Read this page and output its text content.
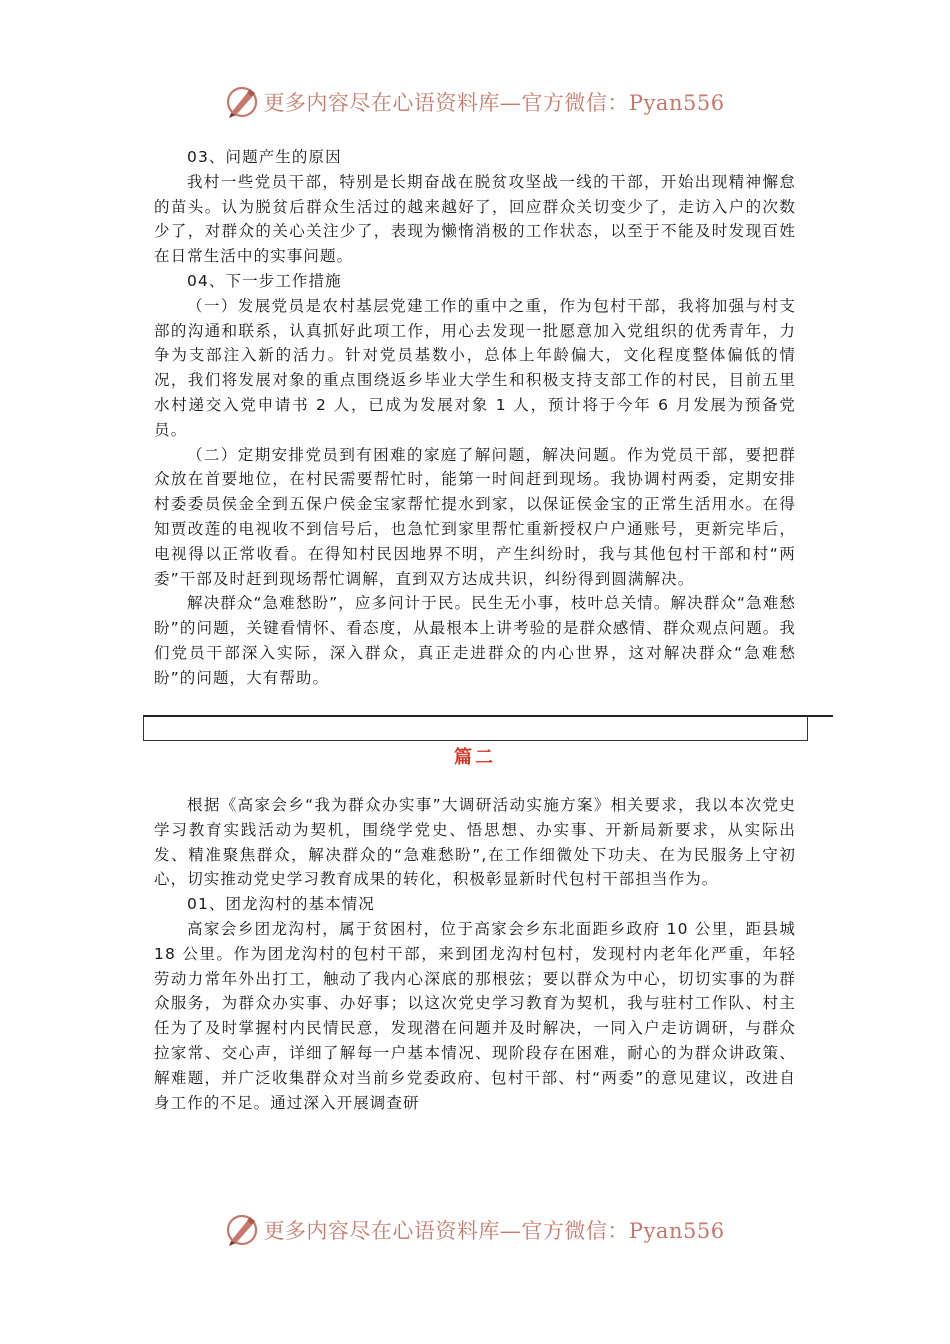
更多内容尽在心语资料库—官方微信：Pyan556

03、问题产生的原因

我村一些党员干部，特别是长期奋战在脱贫攻坚战一线的干部，开始出现精神懈怠的苗头。认为脱贫后群众生活过的越来越好了，回应群众关切变少了，走访入户的次数少了，对群众的关心关注少了，表现为懒惰消极的工作状态，以至于不能及时发现百姓在日常生活中的实事问题。

04、下一步工作措施

（一）发展党员是农村基层党建工作的重中之重，作为包村干部，我将加强与村支部的沟通和联系，认真抓好此项工作，用心去发现一批愿意加入党组织的优秀青年，力争为支部注入新的活力。针对党员基数小，总体上年龄偏大，文化程度整体偏低的情况，我们将发展对象的重点围绕返乡毕业大学生和积极支持支部工作的村民，目前五里水村递交入党申请书 2 人，已成为发展对象 1 人，预计将于今年 6 月发展为预备党员。

（二）定期安排党员到有困难的家庭了解问题，解决问题。作为党员干部，要把群众放在首要地位，在村民需要帮忙时，能第一时间赶到现场。我协调村两委，定期安排村委委员侯金全到五保户侯金宝家帮忙提水到家，以保证侯金宝的正常生活用水。在得知贾改莲的电视收不到信号后，也急忙到家里帮忙重新授权户户通账号，更新完毕后，电视得以正常收看。在得知村民因地界不明，产生纠纷时，我与其他包村干部和村“两委”干部及时赶到现场帮忙调解，直到双方达成共识，纠纷得到圆满解决。

解决群众“急难愁盼”，应多问计于民。民生无小事，枝叶总关情。解决群众“急难愁盼”的问题，关键看情怀、看态度，从最根本上讲考验的是群众感情、群众观点问题。我们党员干部深入实际，深入群众，真正走进群众的内心世界，这对解决群众“急难愁盼”的问题，大有帮助。

篇二

根据《高家会乡“我为群众办实事”大调研活动实施方案》相关要求，我以本次党史学习教育实践活动为契机，围绕学党史、悟思想、办实事、开新局新要求，从实际出发、精准聚焦群众，解决群众的“急难愁盼”,在工作细微处下功夫、在为民服务上守初心，切实推动党史学习教育成果的转化，积极彰显新时代包村干部担当作为。

01、团龙沟村的基本情况

高家会乡团龙沟村，属于贫困村，位于高家会乡东北面距乡政府 10 公里，距县城 18 公里。作为团龙沟村的包村干部，来到团龙沟村包村，发现村内老年化严重，年轻劳动力常年外出打工，触动了我内心深底的那根弦；要以群众为中心，切切实事的为群众服务，为群众办实事、办好事；以这次党史学习教育为契机，我与驻村工作队、村主任为了及时掌握村内民情民意，发现潜在问题并及时解决，一同入户走访调研，与群众拉家常、交心声，详细了解每一户基本情况、现阶段存在困难，耐心的为群众讲政策、解难题，并广泛收集群众对当前乡党委政府、包村干部、村“两委”的意见建议，改进自身工作的不足。通过深入开展调查研

更多内容尽在心语资料库—官方微信：Pyan556
